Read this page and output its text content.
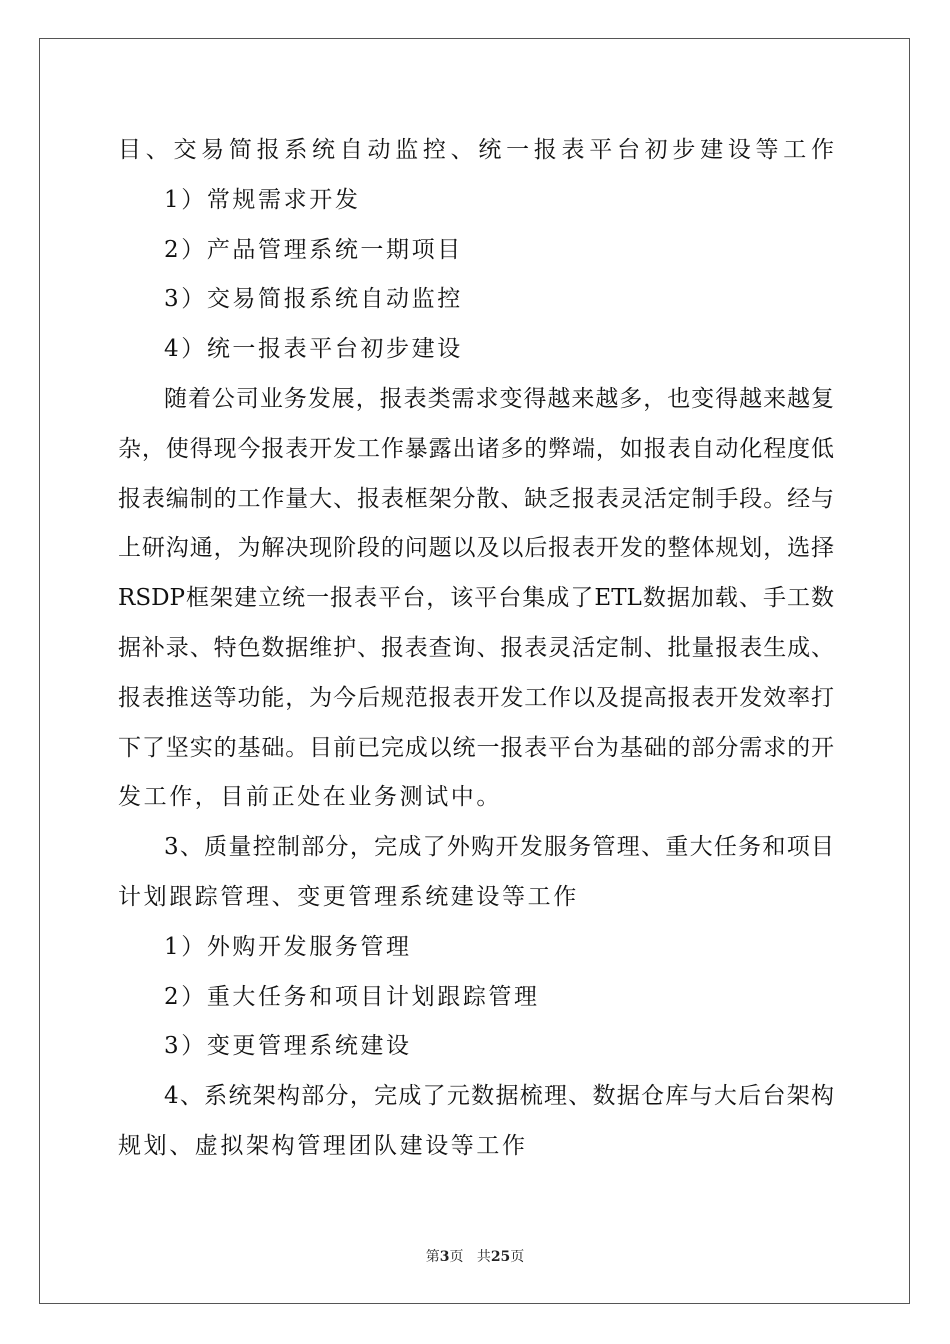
目、交易简报系统自动监控、统一报表平台初步建设等工作
1）常规需求开发
2）产品管理系统一期项目
3）交易简报系统自动监控
4）统一报表平台初步建设
随着公司业务发展，报表类需求变得越来越多，也变得越来越复
杂，使得现今报表开发工作暴露出诸多的弊端，如报表自动化程度低
报表编制的工作量大、报表框架分散、缺乏报表灵活定制手段。经与
上研沟通，为解决现阶段的问题以及以后报表开发的整体规划，选择
RSDP框架建立统一报表平台，该平台集成了ETL数据加载、手工数
据补录、特色数据维护、报表查询、报表灵活定制、批量报表生成、
报表推送等功能，为今后规范报表开发工作以及提高报表开发效率打
下了坚实的基础。目前已完成以统一报表平台为基础的部分需求的开
发工作，目前正处在业务测试中。
3、质量控制部分，完成了外购开发服务管理、重大任务和项目
计划跟踪管理、变更管理系统建设等工作
1）外购开发服务管理
2）重大任务和项目计划跟踪管理
3）变更管理系统建设
4、系统架构部分，完成了元数据梳理、数据仓库与大后台架构
规划、虚拟架构管理团队建设等工作
第3页 共25页
